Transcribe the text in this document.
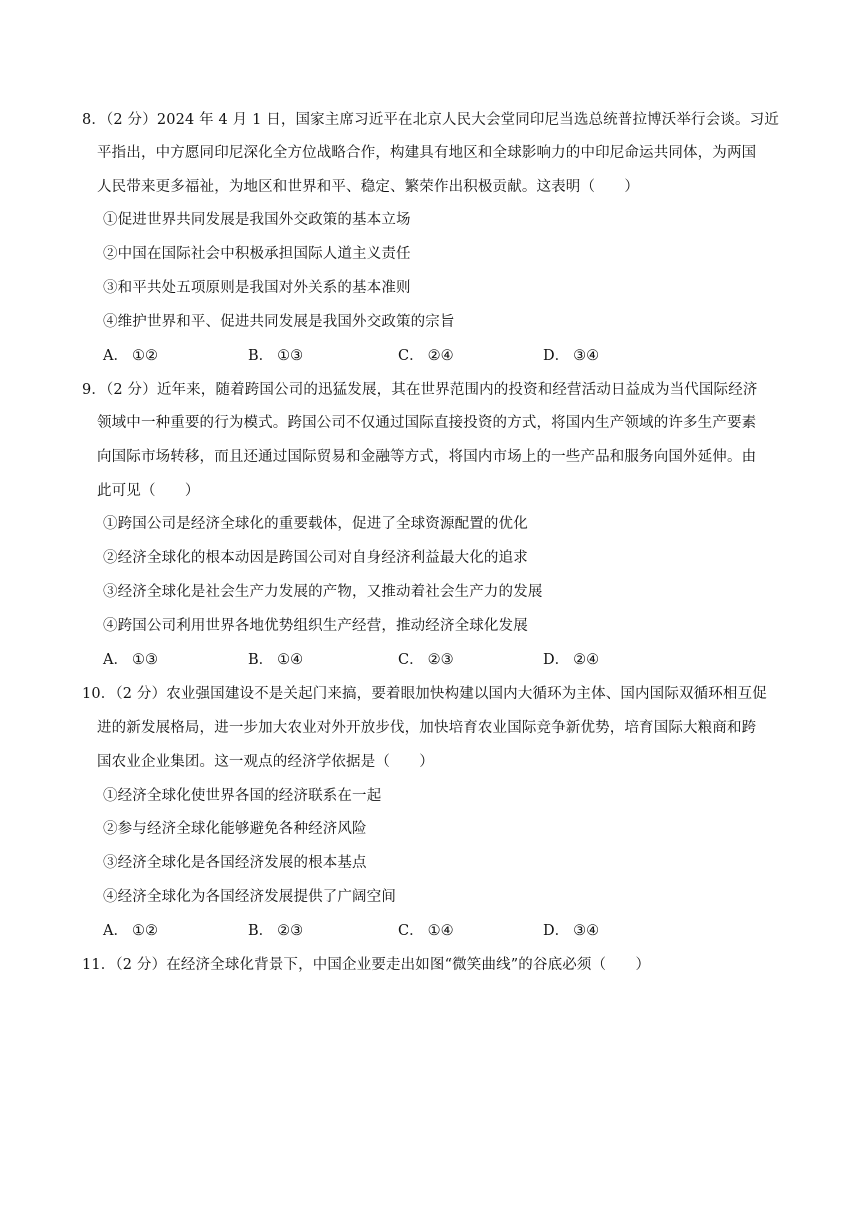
8．（2 分）2024 年 4 月 1 日，国家主席习近平在北京人民大会堂同印尼当选总统普拉博沃举行会谈。习近
平指出，中方愿同印尼深化全方位战略合作，构建具有地区和全球影响力的中印尼命运共同体，为两国
人民带来更多福祉，为地区和世界和平、稳定、繁荣作出积极贡献。这表明（　　）
①促进世界共同发展是我国外交政策的基本立场
②中国在国际社会中积极承担国际人道主义责任
③和平共处五项原则是我国对外关系的基本准则
④维护世界和平、促进共同发展是我国外交政策的宗旨
A． ①②	B． ①③	C． ②④	D． ③④
9．（2 分）近年来，随着跨国公司的迅猛发展，其在世界范围内的投资和经营活动日益成为当代国际经济
领域中一种重要的行为模式。跨国公司不仅通过国际直接投资的方式，将国内生产领域的许多生产要素
向国际市场转移，而且还通过国际贸易和金融等方式，将国内市场上的一些产品和服务向国外延伸。由
此可见（　　）
①跨国公司是经济全球化的重要载体，促进了全球资源配置的优化
②经济全球化的根本动因是跨国公司对自身经济利益最大化的追求
③经济全球化是社会生产力发展的产物，又推动着社会生产力的发展
④跨国公司利用世界各地优势组织生产经营，推动经济全球化发展
A． ①③	B． ①④	C． ②③	D． ②④
10．（2 分）农业强国建设不是关起门来搞，要着眼加快构建以国内大循环为主体、国内国际双循环相互促
进的新发展格局，进一步加大农业对外开放步伐，加快培育农业国际竞争新优势，培育国际大粮商和跨
国农业企业集团。这一观点的经济学依据是（　　）
①经济全球化使世界各国的经济联系在一起
②参与经济全球化能够避免各种经济风险
③经济全球化是各国经济发展的根本基点
④经济全球化为各国经济发展提供了广阔空间
A． ①②	B． ②③	C． ①④	D． ③④
11．（2 分）在经济全球化背景下，中国企业要走出如图“微笑曲线”的谷底必须（　　）
